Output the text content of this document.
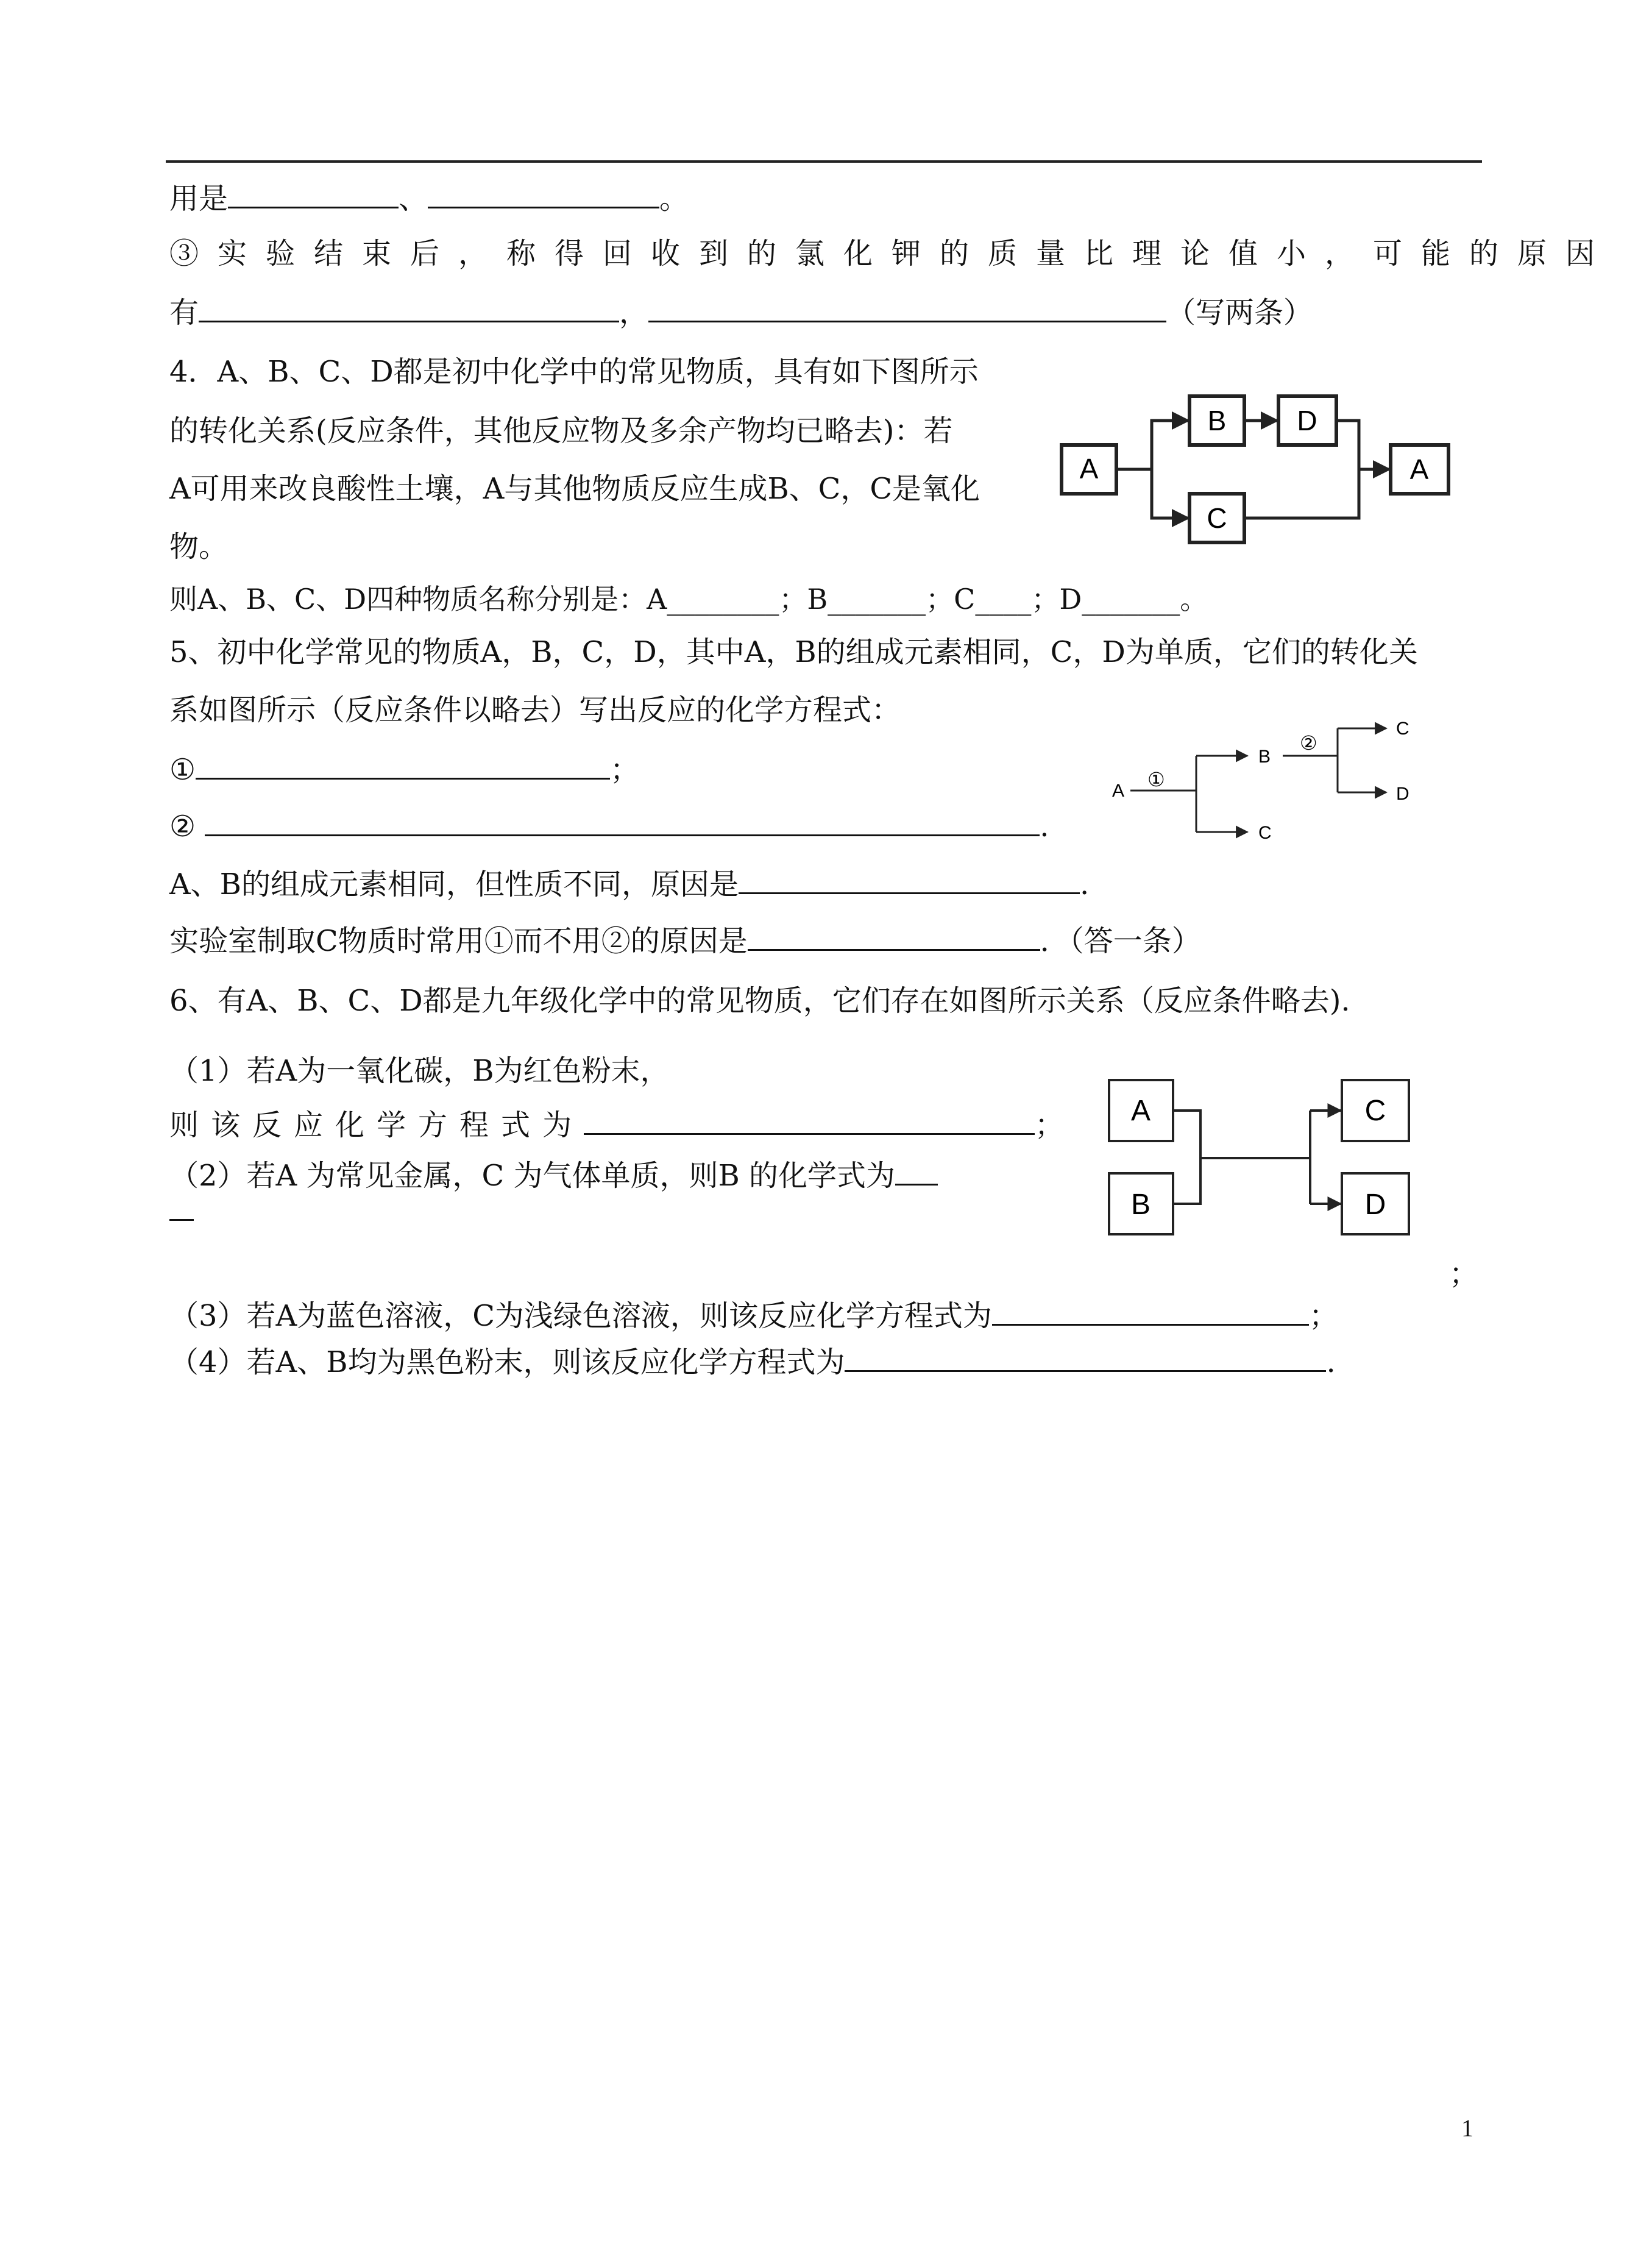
用是	、	。
③实验结束后，称得回收到的氯化钾的质量比理论值小，可能的原因
有	，	（写两条）
4．A、B、C、D都是初中化学中的常见物质，具有如下图所示
的转化关系(反应条件，其他反应物及多余产物均已略去)：若
A可用来改良酸性土壤，A与其他物质反应生成B、C，C是氧化
物。
则A、B、C、D四种物质名称分别是：A________；B_______；C____；D_______。
A
B	D
C
A
5、初中化学常见的物质A，B，C，D，其中A，B的组成元素相同，C，D为单质，它们的转化关
系如图所示（反应条件以略去）写出反应的化学方程式：
①	；
②	.
A、B的组成元素相同，但性质不同，原因是	.
实验室制取C物质时常用①而不用②的原因是	．（答一条）
A
①
B
②
C
D
C
6、有A、B、C、D都是九年级化学中的常见物质，它们存在如图所示关系（反应条件略去).
（1）若A为一氧化碳，B为红色粉末，
则该反应化学方程式为	；
（2）若A 为常见金属，C 为气体单质，则B 的化学式为
；
（3）若A为蓝色溶液，C为浅绿色溶液，则该反应化学方程式为	；
（4）若A、B均为黑色粉末，则该反应化学方程式为	.
A
B
C
D
1
